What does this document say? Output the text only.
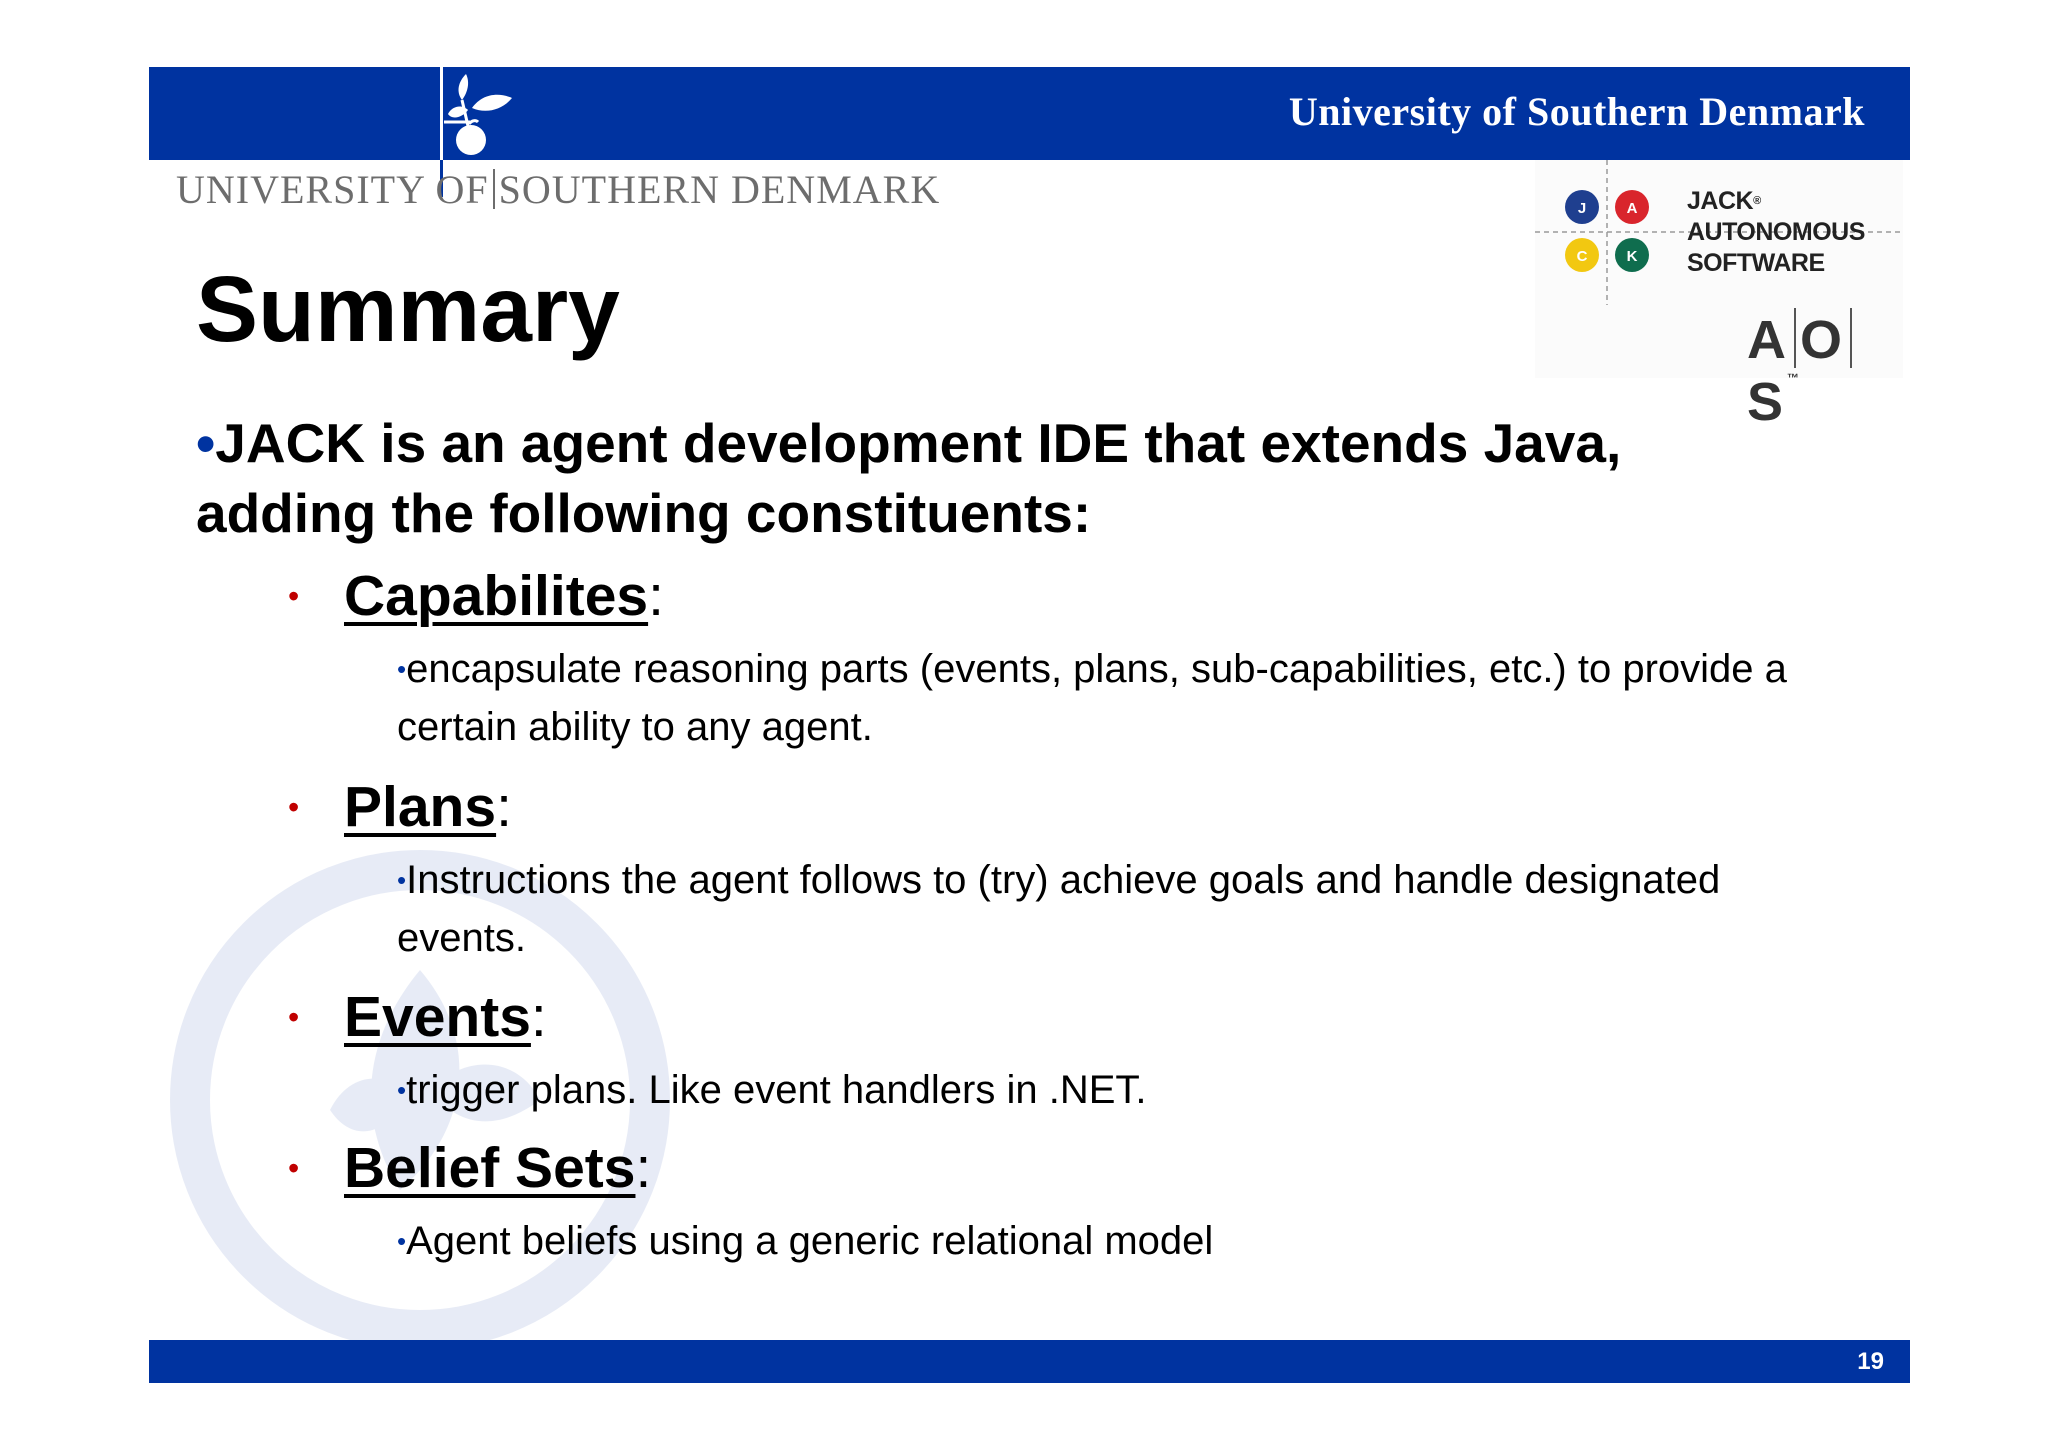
University of Southern Denmark
UNIVERSITY OF SOUTHERN DENMARK	J	A
C	K
JACK®
AUTONOMOUS
SOFTWARE
A OS™
Summary

•JACK is an agent development IDE that extends Java, adding the following constituents:

• Capabilites:

•encapsulate reasoning parts (events, plans, sub-capabilities, etc.) to provide a certain ability to any agent.

• Plans:

•Instructions the agent follows to (try) achieve goals and handle designated events.

• Events:

•trigger plans. Like event handlers in .NET.

• Belief Sets:

•Agent beliefs using a generic relational model

19
